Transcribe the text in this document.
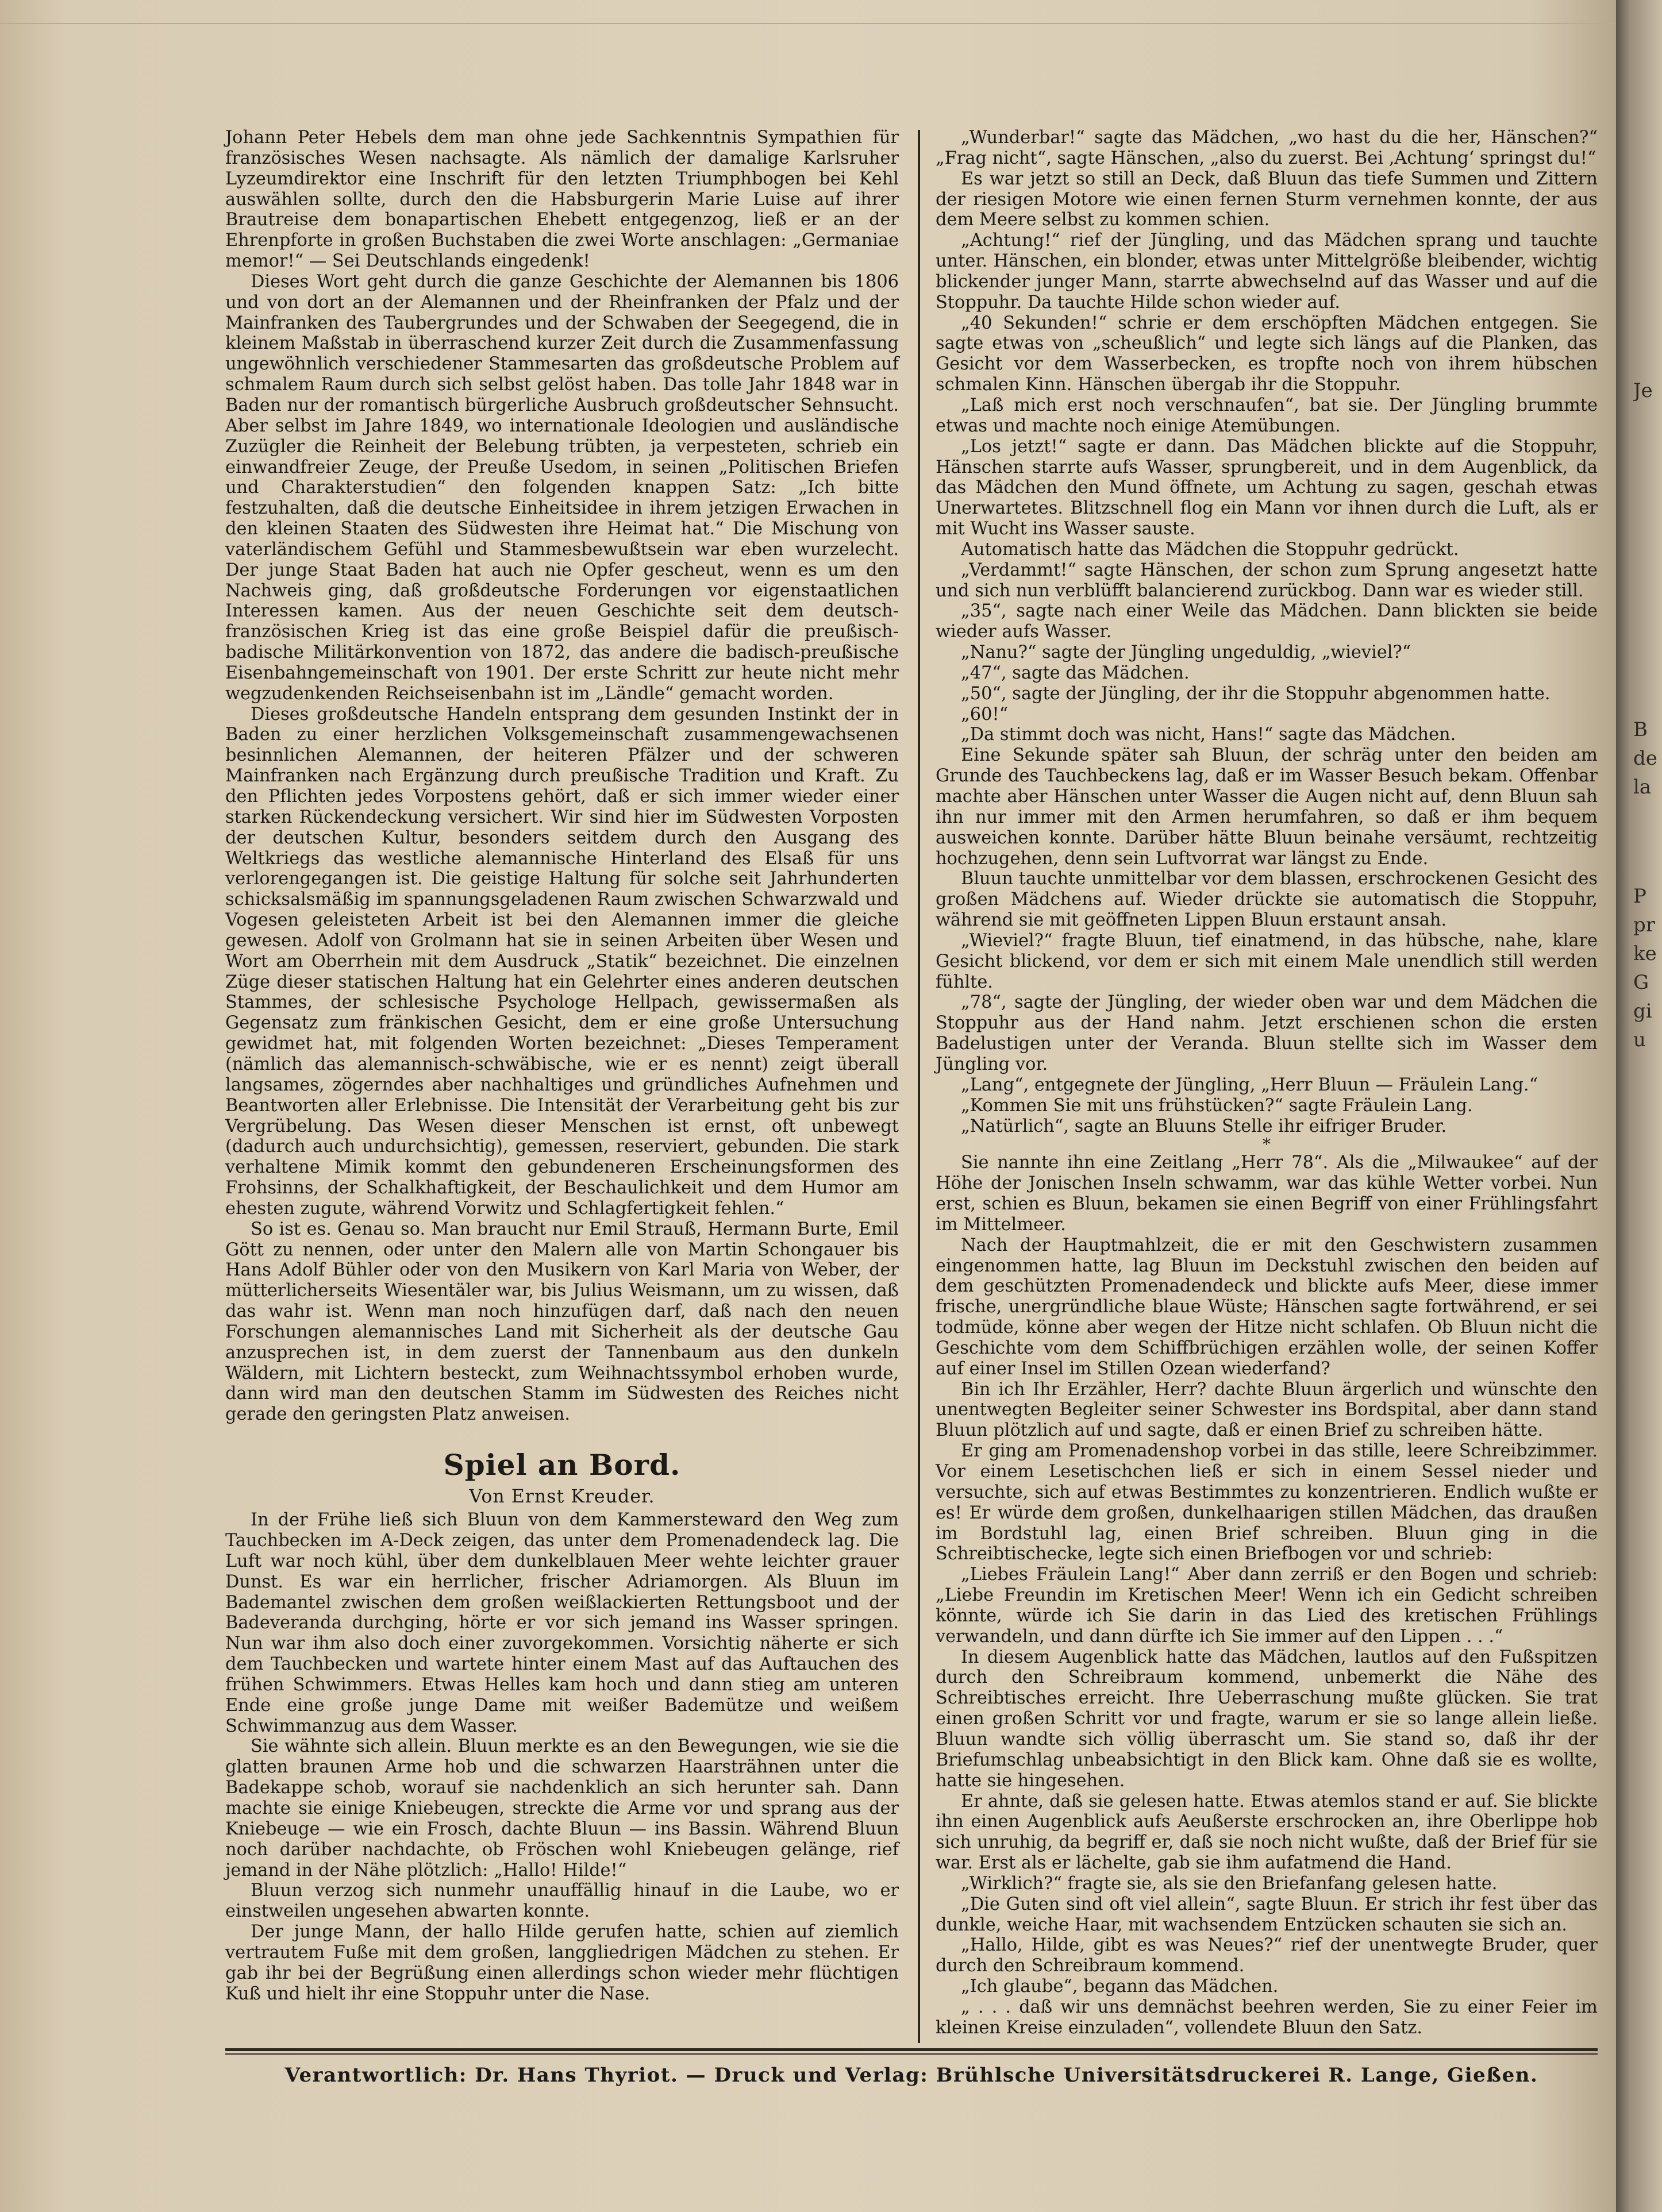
Johann Peter Hebels dem man ohne jede Sachkenntnis Sympathien für französisches Wesen nachsagte. Als nämlich der damalige Karlsruher Lyzeumdirektor eine Inschrift für den letzten Triumphbogen bei Kehl auswählen sollte, durch den die Habsburgerin Marie Luise auf ihrer Brautreise dem bonapartischen Ehebett entgegenzog, ließ er an der Ehrenpforte in großen Buchstaben die zwei Worte anschlagen: „Germaniae memor!“ — Sei Deutschlands eingedenk!

Dieses Wort geht durch die ganze Geschichte der Alemannen bis 1806 und von dort an der Alemannen und der Rheinfranken der Pfalz und der Mainfranken des Taubergrundes und der Schwaben der Seegegend, die in kleinem Maßstab in überraschend kurzer Zeit durch die Zusammenfassung ungewöhnlich verschiedener Stammesarten das großdeutsche Problem auf schmalem Raum durch sich selbst gelöst haben. Das tolle Jahr 1848 war in Baden nur der romantisch bürgerliche Ausbruch großdeutscher Sehnsucht. Aber selbst im Jahre 1849, wo internationale Ideologien und ausländische Zuzügler die Reinheit der Belebung trübten, ja verpesteten, schrieb ein einwandfreier Zeuge, der Preuße Usedom, in seinen „Politischen Briefen und Charakterstudien“ den folgenden knappen Satz: „Ich bitte festzuhalten, daß die deutsche Einheitsidee in ihrem jetzigen Erwachen in den kleinen Staaten des Südwesten ihre Heimat hat.“ Die Mischung von vaterländischem Gefühl und Stammesbewußtsein war eben wurzelecht. Der junge Staat Baden hat auch nie Opfer gescheut, wenn es um den Nachweis ging, daß großdeutsche Forderungen vor eigenstaatlichen Interessen kamen. Aus der neuen Geschichte seit dem deutsch-französischen Krieg ist das eine große Beispiel dafür die preußisch-badische Militärkonvention von 1872, das andere die badisch-preußische Eisenbahngemeinschaft von 1901. Der erste Schritt zur heute nicht mehr wegzudenkenden Reichseisenbahn ist im „Ländle“ gemacht worden.

Dieses großdeutsche Handeln entsprang dem gesunden Instinkt der in Baden zu einer herzlichen Volksgemeinschaft zusammengewachsenen besinnlichen Alemannen, der heiteren Pfälzer und der schweren Mainfranken nach Ergänzung durch preußische Tradition und Kraft. Zu den Pflichten jedes Vorpostens gehört, daß er sich immer wieder einer starken Rückendeckung versichert. Wir sind hier im Südwesten Vorposten der deutschen Kultur, besonders seitdem durch den Ausgang des Weltkriegs das westliche alemannische Hinterland des Elsaß für uns verlorengegangen ist. Die geistige Haltung für solche seit Jahrhunderten schicksalsmäßig im spannungsgeladenen Raum zwischen Schwarzwald und Vogesen geleisteten Arbeit ist bei den Alemannen immer die gleiche gewesen. Adolf von Grolmann hat sie in seinen Arbeiten über Wesen und Wort am Oberrhein mit dem Ausdruck „Statik“ bezeichnet. Die einzelnen Züge dieser statischen Haltung hat ein Gelehrter eines anderen deutschen Stammes, der schlesische Psychologe Hellpach, gewissermaßen als Gegensatz zum fränkischen Gesicht, dem er eine große Untersuchung gewidmet hat, mit folgenden Worten bezeichnet: „Dieses Temperament (nämlich das alemannisch-schwäbische, wie er es nennt) zeigt überall langsames, zögerndes aber nachhaltiges und gründliches Aufnehmen und Beantworten aller Erlebnisse. Die Intensität der Verarbeitung geht bis zur Vergrübelung. Das Wesen dieser Menschen ist ernst, oft unbewegt (dadurch auch undurchsichtig), gemessen, reserviert, gebunden. Die stark verhaltene Mimik kommt den gebundeneren Erscheinungsformen des Frohsinns, der Schalkhaftigkeit, der Beschaulichkeit und dem Humor am ehesten zugute, während Vorwitz und Schlagfertigkeit fehlen.“

So ist es. Genau so. Man braucht nur Emil Strauß, Hermann Burte, Emil Gött zu nennen, oder unter den Malern alle von Martin Schongauer bis Hans Adolf Bühler oder von den Musikern von Karl Maria von Weber, der mütterlicherseits Wiesentäler war, bis Julius Weismann, um zu wissen, daß das wahr ist. Wenn man noch hinzufügen darf, daß nach den neuen Forschungen alemannisches Land mit Sicherheit als der deutsche Gau anzusprechen ist, in dem zuerst der Tannenbaum aus den dunkeln Wäldern, mit Lichtern besteckt, zum Weihnachtssymbol erhoben wurde, dann wird man den deutschen Stamm im Südwesten des Reiches nicht gerade den geringsten Platz anweisen.

Spiel an Bord.
Von Ernst Kreuder.

In der Frühe ließ sich Bluun von dem Kammersteward den Weg zum Tauchbecken im A-Deck zeigen, das unter dem Promenadendeck lag. Die Luft war noch kühl, über dem dunkelblauen Meer wehte leichter grauer Dunst. Es war ein herrlicher, frischer Adriamorgen. Als Bluun im Bademantel zwischen dem großen weißlackierten Rettungsboot und der Badeveranda durchging, hörte er vor sich jemand ins Wasser springen. Nun war ihm also doch einer zuvorgekommen. Vorsichtig näherte er sich dem Tauchbecken und wartete hinter einem Mast auf das Auftauchen des frühen Schwimmers. Etwas Helles kam hoch und dann stieg am unteren Ende eine große junge Dame mit weißer Bademütze und weißem Schwimmanzug aus dem Wasser.

Sie wähnte sich allein. Bluun merkte es an den Bewegungen, wie sie die glatten braunen Arme hob und die schwarzen Haarsträhnen unter die Badekappe schob, worauf sie nachdenklich an sich herunter sah. Dann machte sie einige Kniebeugen, streckte die Arme vor und sprang aus der Kniebeuge — wie ein Frosch, dachte Bluun — ins Bassin. Während Bluun noch darüber nachdachte, ob Fröschen wohl Kniebeugen gelänge, rief jemand in der Nähe plötzlich: „Hallo! Hilde!“

Bluun verzog sich nunmehr unauffällig hinauf in die Laube, wo er einstweilen ungesehen abwarten konnte.

Der junge Mann, der hallo Hilde gerufen hatte, schien auf ziemlich vertrautem Fuße mit dem großen, langgliedrigen Mädchen zu stehen. Er gab ihr bei der Begrüßung einen allerdings schon wieder mehr flüchtigen Kuß und hielt ihr eine Stoppuhr unter die Nase.

„Wunderbar!“ sagte das Mädchen, „wo hast du die her, Hänschen?“ „Frag nicht“, sagte Hänschen, „also du zuerst. Bei ‚Achtung‘ springst du!“

Es war jetzt so still an Deck, daß Bluun das tiefe Summen und Zittern der riesigen Motore wie einen fernen Sturm vernehmen konnte, der aus dem Meere selbst zu kommen schien.

„Achtung!“ rief der Jüngling, und das Mädchen sprang und tauchte unter. Hänschen, ein blonder, etwas unter Mittelgröße bleibender, wichtig blickender junger Mann, starrte abwechselnd auf das Wasser und auf die Stoppuhr. Da tauchte Hilde schon wieder auf.

„40 Sekunden!“ schrie er dem erschöpften Mädchen entgegen. Sie sagte etwas von „scheußlich“ und legte sich längs auf die Planken, das Gesicht vor dem Wasserbecken, es tropfte noch von ihrem hübschen schmalen Kinn. Hänschen übergab ihr die Stoppuhr.

„Laß mich erst noch verschnaufen“, bat sie. Der Jüngling brummte etwas und machte noch einige Atemübungen.

„Los jetzt!“ sagte er dann. Das Mädchen blickte auf die Stoppuhr, Hänschen starrte aufs Wasser, sprungbereit, und in dem Augenblick, da das Mädchen den Mund öffnete, um Achtung zu sagen, geschah etwas Unerwartetes. Blitzschnell flog ein Mann vor ihnen durch die Luft, als er mit Wucht ins Wasser sauste.

Automatisch hatte das Mädchen die Stoppuhr gedrückt.

„Verdammt!“ sagte Hänschen, der schon zum Sprung angesetzt hatte und sich nun verblüfft balancierend zurückbog. Dann war es wieder still.

„35“, sagte nach einer Weile das Mädchen. Dann blickten sie beide wieder aufs Wasser.

„Nanu?“ sagte der Jüngling ungeduldig, „wieviel?“

„47“, sagte das Mädchen.

„50“, sagte der Jüngling, der ihr die Stoppuhr abgenommen hatte.

„60!“

„Da stimmt doch was nicht, Hans!“ sagte das Mädchen.

Eine Sekunde später sah Bluun, der schräg unter den beiden am Grunde des Tauchbeckens lag, daß er im Wasser Besuch bekam. Offenbar machte aber Hänschen unter Wasser die Augen nicht auf, denn Bluun sah ihn nur immer mit den Armen herumfahren, so daß er ihm bequem ausweichen konnte. Darüber hätte Bluun beinahe versäumt, rechtzeitig hochzugehen, denn sein Luftvorrat war längst zu Ende.

Bluun tauchte unmittelbar vor dem blassen, erschrockenen Gesicht des großen Mädchens auf. Wieder drückte sie automatisch die Stoppuhr, während sie mit geöffneten Lippen Bluun erstaunt ansah.

„Wieviel?“ fragte Bluun, tief einatmend, in das hübsche, nahe, klare Gesicht blickend, vor dem er sich mit einem Male unendlich still werden fühlte.

„78“, sagte der Jüngling, der wieder oben war und dem Mädchen die Stoppuhr aus der Hand nahm. Jetzt erschienen schon die ersten Badelustigen unter der Veranda. Bluun stellte sich im Wasser dem Jüngling vor.

„Lang“, entgegnete der Jüngling, „Herr Bluun — Fräulein Lang.“

„Kommen Sie mit uns frühstücken?“ sagte Fräulein Lang.

„Natürlich“, sagte an Bluuns Stelle ihr eifriger Bruder.

*

Sie nannte ihn eine Zeitlang „Herr 78“. Als die „Milwaukee“ auf der Höhe der Jonischen Inseln schwamm, war das kühle Wetter vorbei. Nun erst, schien es Bluun, bekamen sie einen Begriff von einer Frühlingsfahrt im Mittelmeer.

Nach der Hauptmahlzeit, die er mit den Geschwistern zusammen eingenommen hatte, lag Bluun im Deckstuhl zwischen den beiden auf dem geschützten Promenadendeck und blickte aufs Meer, diese immer frische, unergründliche blaue Wüste; Hänschen sagte fortwährend, er sei todmüde, könne aber wegen der Hitze nicht schlafen. Ob Bluun nicht die Geschichte vom dem Schiffbrüchigen erzählen wolle, der seinen Koffer auf einer Insel im Stillen Ozean wiederfand?

Bin ich Ihr Erzähler, Herr? dachte Bluun ärgerlich und wünschte den unentwegten Begleiter seiner Schwester ins Bordspital, aber dann stand Bluun plötzlich auf und sagte, daß er einen Brief zu schreiben hätte.

Er ging am Promenadenshop vorbei in das stille, leere Schreibzimmer. Vor einem Lesetischchen ließ er sich in einem Sessel nieder und versuchte, sich auf etwas Bestimmtes zu konzentrieren. Endlich wußte er es! Er würde dem großen, dunkelhaarigen stillen Mädchen, das draußen im Bordstuhl lag, einen Brief schreiben. Bluun ging in die Schreibtischecke, legte sich einen Briefbogen vor und schrieb:

„Liebes Fräulein Lang!“ Aber dann zerriß er den Bogen und schrieb: „Liebe Freundin im Kretischen Meer! Wenn ich ein Gedicht schreiben könnte, würde ich Sie darin in das Lied des kretischen Frühlings verwandeln, und dann dürfte ich Sie immer auf den Lippen . . .“

In diesem Augenblick hatte das Mädchen, lautlos auf den Fußspitzen durch den Schreibraum kommend, unbemerkt die Nähe des Schreibtisches erreicht. Ihre Ueberraschung mußte glücken. Sie trat einen großen Schritt vor und fragte, warum er sie so lange allein ließe. Bluun wandte sich völlig überrascht um. Sie stand so, daß ihr der Briefumschlag unbeabsichtigt in den Blick kam. Ohne daß sie es wollte, hatte sie hingesehen.

Er ahnte, daß sie gelesen hatte. Etwas atemlos stand er auf. Sie blickte ihn einen Augenblick aufs Aeußerste erschrocken an, ihre Oberlippe hob sich unruhig, da begriff er, daß sie noch nicht wußte, daß der Brief für sie war. Erst als er lächelte, gab sie ihm aufatmend die Hand.

„Wirklich?“ fragte sie, als sie den Briefanfang gelesen hatte.

„Die Guten sind oft viel allein“, sagte Bluun. Er strich ihr fest über das dunkle, weiche Haar, mit wachsendem Entzücken schauten sie sich an.

„Hallo, Hilde, gibt es was Neues?“ rief der unentwegte Bruder, quer durch den Schreibraum kommend.

„Ich glaube“, begann das Mädchen.

„ . . . daß wir uns demnächst beehren werden, Sie zu einer Feier im kleinen Kreise einzuladen“, vollendete Bluun den Satz.

Verantwortlich: Dr. Hans Thyriot. — Druck und Verlag: Brühlsche Universitätsdruckerei R. Lange, Gießen.
Je
B
de
la
P
pr
ke
G
gi
u
